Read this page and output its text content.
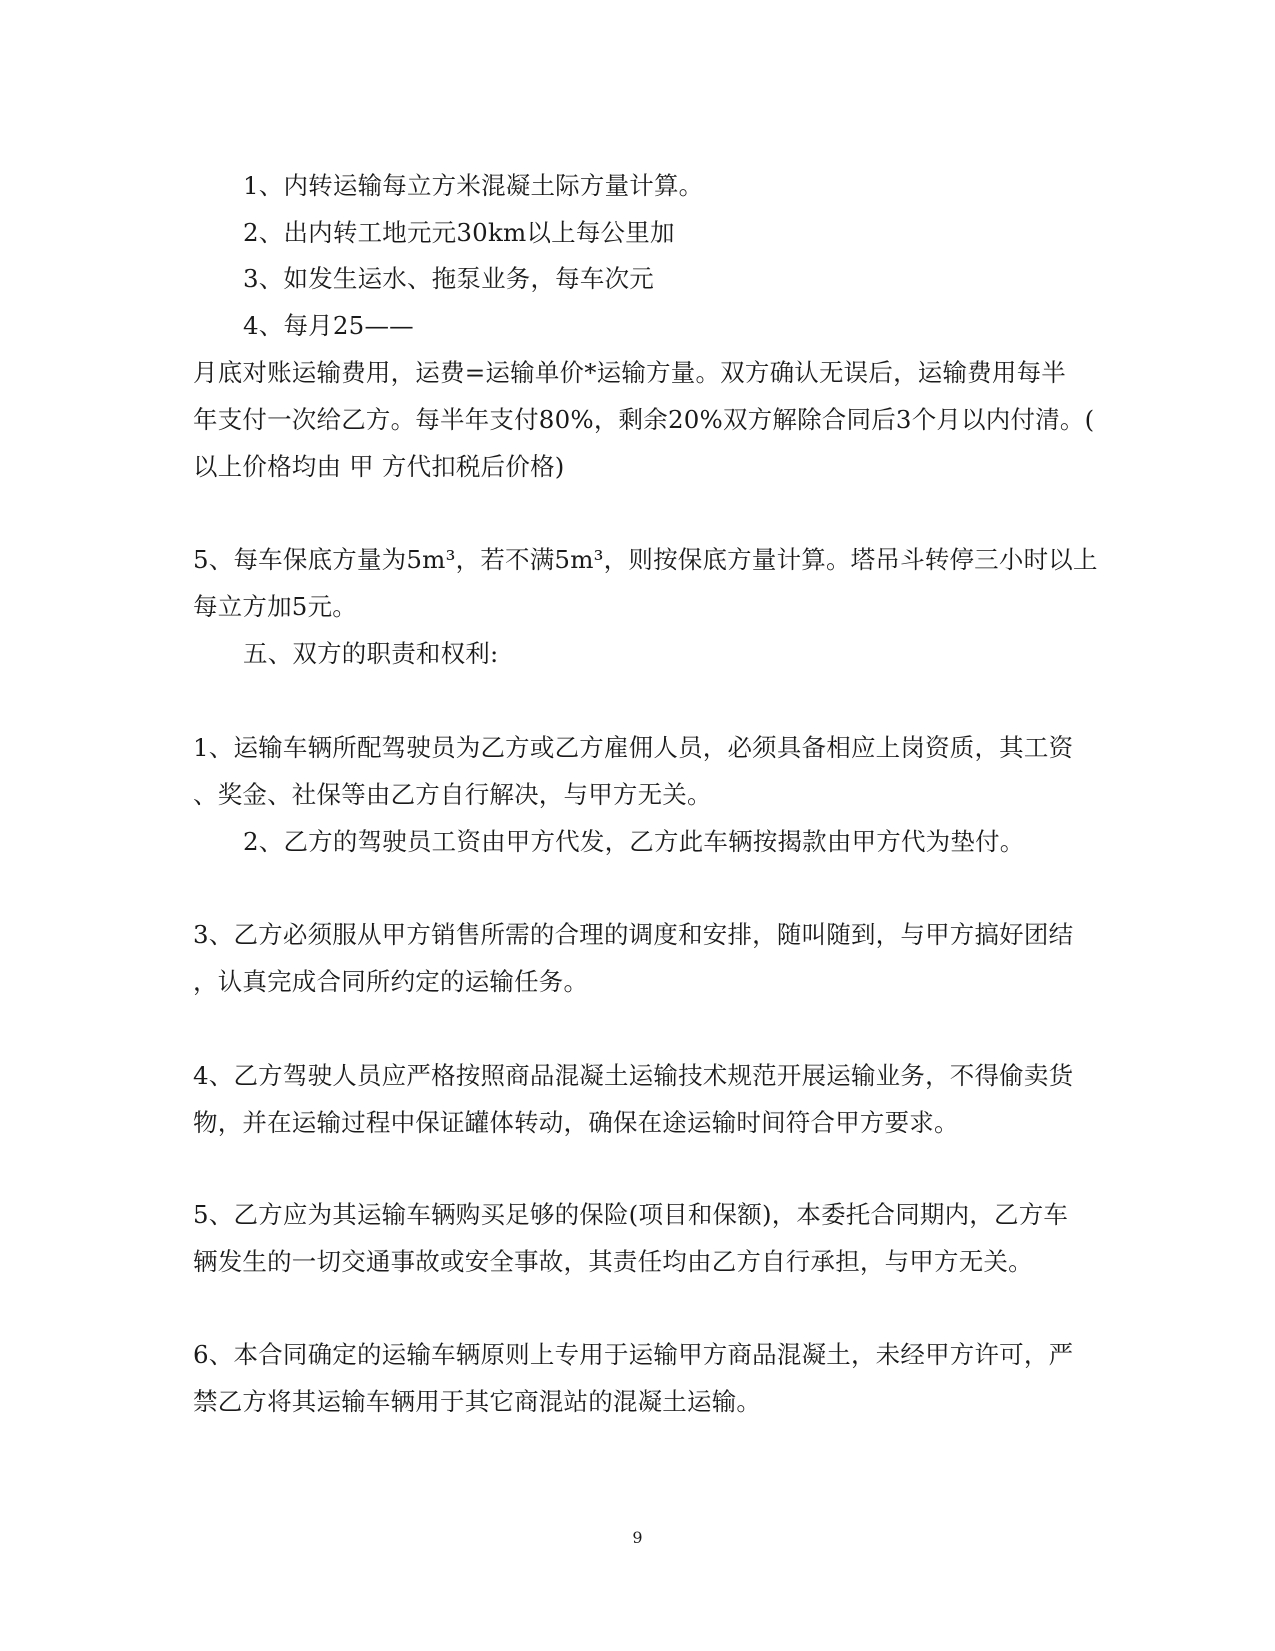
1、内转运输每立方米混凝土际方量计算。
2、出内转工地元元30km以上每公里加
3、如发生运水、拖泵业务，每车次元
4、每月25——
月底对账运输费用，运费=运输单价*运输方量。双方确认无误后，运输费用每半
年支付一次给乙方。每半年支付80%，剩余20%双方解除合同后3个月以内付清。(
以上价格均由 甲 方代扣税后价格)
5、每车保底方量为5m³，若不满5m³，则按保底方量计算。塔吊斗转停三小时以上
每立方加5元。
五、双方的职责和权利:
1、运输车辆所配驾驶员为乙方或乙方雇佣人员，必须具备相应上岗资质，其工资
、奖金、社保等由乙方自行解决，与甲方无关。
2、乙方的驾驶员工资由甲方代发，乙方此车辆按揭款由甲方代为垫付。
3、乙方必须服从甲方销售所需的合理的调度和安排，随叫随到，与甲方搞好团结
，认真完成合同所约定的运输任务。
4、乙方驾驶人员应严格按照商品混凝土运输技术规范开展运输业务，不得偷卖货
物，并在运输过程中保证罐体转动，确保在途运输时间符合甲方要求。
5、乙方应为其运输车辆购买足够的保险(项目和保额)，本委托合同期内，乙方车
辆发生的一切交通事故或安全事故，其责任均由乙方自行承担，与甲方无关。
6、本合同确定的运输车辆原则上专用于运输甲方商品混凝土，未经甲方许可，严
禁乙方将其运输车辆用于其它商混站的混凝土运输。
9
